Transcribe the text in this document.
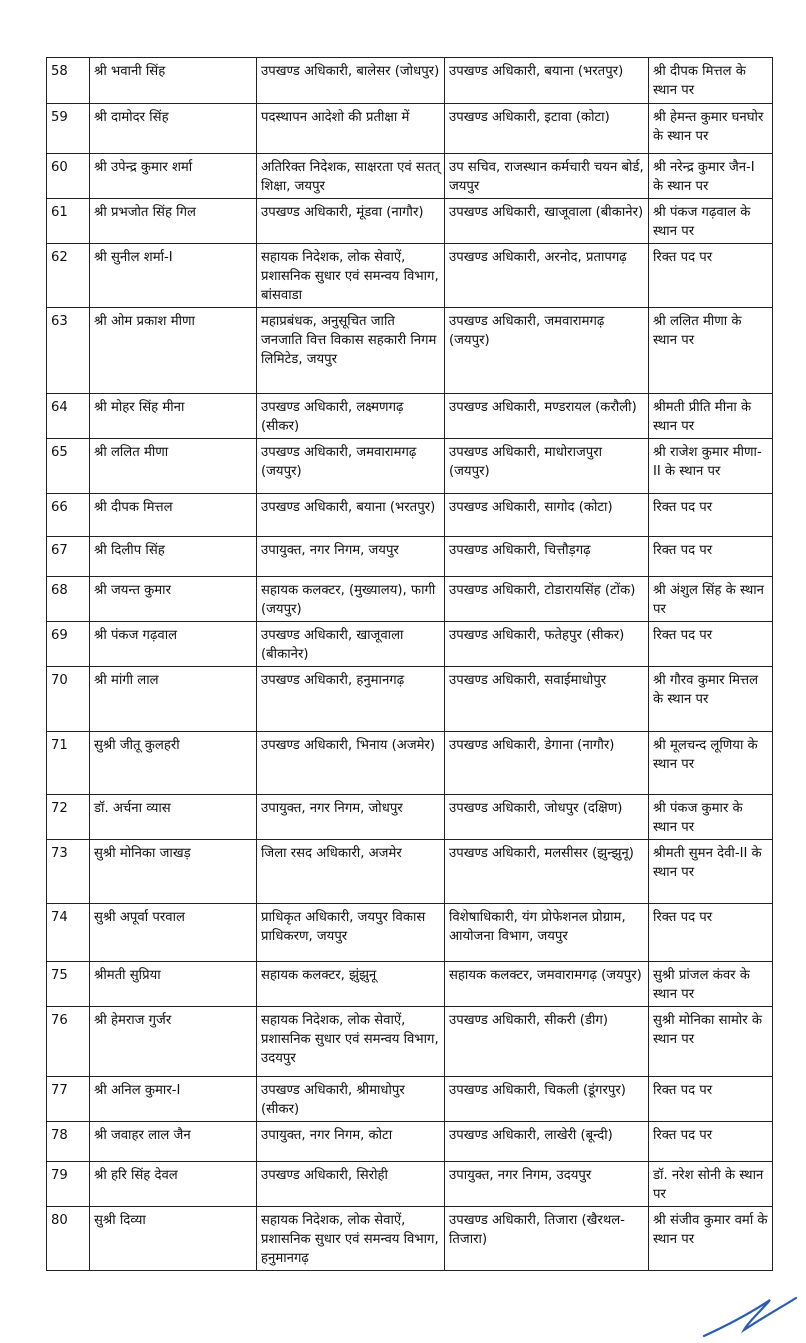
58	श्री भवानी सिंह	उपखण्ड अधिकारी, बालेसर (जोधपुर)	उपखण्ड अधिकारी, बयाना (भरतपुर)	श्री दीपक मित्तल के स्थान पर
59	श्री दामोदर सिंह	पदस्थापन आदेशो की प्रतीक्षा में	उपखण्ड अधिकारी, इटावा (कोटा)	श्री हेमन्त कुमार घनघोर के स्थान पर
60	श्री उपेन्द्र कुमार शर्मा	अतिरिक्त निदेशक, साक्षरता एवं सतत् शिक्षा, जयपुर	उप सचिव, राजस्थान कर्मचारी चयन बोर्ड, जयपुर	श्री नरेन्द्र कुमार जैन-I के स्थान पर
61	श्री प्रभजोत सिंह गिल	उपखण्ड अधिकारी, मूंडवा (नागौर)	उपखण्ड अधिकारी, खाजूवाला (बीकानेर)	श्री पंकज गढ़वाल के स्थान पर
62	श्री सुनील शर्मा-I	सहायक निदेशक, लोक सेवाऐं, प्रशासनिक सुधार एवं समन्वय विभाग, बांसवाडा	उपखण्ड अधिकारी, अरनोद, प्रतापगढ़	रिक्त पद पर
63	श्री ओम प्रकाश मीणा	महाप्रबंधक, अनुसूचित जाति जनजाति वित्त विकास सहकारी निगम लिमिटेड, जयपुर	उपखण्ड अधिकारी, जमवारामगढ़ (जयपुर)	श्री ललित मीणा के स्थान पर
64	श्री मोहर सिंह मीना	उपखण्ड अधिकारी, लक्ष्मणगढ़ (सीकर)	उपखण्ड अधिकारी, मण्डरायल (करौली)	श्रीमती प्रीति मीना के स्थान पर
65	श्री ललित मीणा	उपखण्ड अधिकारी, जमवारामगढ़ (जयपुर)	उपखण्ड अधिकारी, माधोराजपुरा (जयपुर)	श्री राजेश कुमार मीणा-II के स्थान पर
66	श्री दीपक मित्तल	उपखण्ड अधिकारी, बयाना (भरतपुर)	उपखण्ड अधिकारी, सागोद (कोटा)	रिक्त पद पर
67	श्री दिलीप सिंह	उपायुक्त, नगर निगम, जयपुर	उपखण्ड अधिकारी, चित्तौड़गढ़	रिक्त पद पर
68	श्री जयन्त कुमार	सहायक कलक्टर, (मुख्यालय), फागी (जयपुर)	उपखण्ड अधिकारी, टोडारायसिंह (टोंक)	श्री अंशुल सिंह के स्थान पर
69	श्री पंकज गढ़वाल	उपखण्ड अधिकारी, खाजूवाला (बीकानेर)	उपखण्ड अधिकारी, फतेहपुर (सीकर)	रिक्त पद पर
70	श्री मांगी लाल	उपखण्ड अधिकारी, हनुमानगढ़	उपखण्ड अधिकारी, सवाईमाधोपुर	श्री गौरव कुमार मित्तल के स्थान पर
71	सुश्री जीतू कुलहरी	उपखण्ड अधिकारी, भिनाय (अजमेर)	उपखण्ड अधिकारी, डेगाना (नागौर)	श्री मूलचन्द लूणिया के स्थान पर
72	डॉ. अर्चना व्यास	उपायुक्त, नगर निगम, जोधपुर	उपखण्ड अधिकारी, जोधपुर (दक्षिण)	श्री पंकज कुमार के स्थान पर
73	सुश्री मोनिका जाखड़	जिला रसद अधिकारी, अजमेर	उपखण्ड अधिकारी, मलसीसर (झुन्झुनू)	श्रीमती सुमन देवी-II के स्थान पर
74	सुश्री अपूर्वा परवाल	प्राधिकृत अधिकारी, जयपुर विकास प्राधिकरण, जयपुर	विशेषाधिकारी, यंग प्रोफेशनल प्रोग्राम, आयोजना विभाग, जयपुर	रिक्त पद पर
75	श्रीमती सुप्रिया	सहायक कलक्टर, झुंझुनू	सहायक कलक्टर, जमवारामगढ़ (जयपुर)	सुश्री प्रांजल कंवर के स्थान पर
76	श्री हेमराज गुर्जर	सहायक निदेशक, लोक सेवाऐं, प्रशासनिक सुधार एवं समन्वय विभाग, उदयपुर	उपखण्ड अधिकारी, सीकरी (डीग)	सुश्री मोनिका सामोर के स्थान पर
77	श्री अनिल कुमार-I	उपखण्ड अधिकारी, श्रीमाधोपुर (सीकर)	उपखण्ड अधिकारी, चिकली (डूंगरपुर)	रिक्त पद पर
78	श्री जवाहर लाल जैन	उपायुक्त, नगर निगम, कोटा	उपखण्ड अधिकारी, लाखेरी (बून्दी)	रिक्त पद पर
79	श्री हरि सिंह देवल	उपखण्ड अधिकारी, सिरोही	उपायुक्त, नगर निगम, उदयपुर	डॉ. नरेश सोनी के स्थान पर
80	सुश्री दिव्या	सहायक निदेशक, लोक सेवाऐं, प्रशासनिक सुधार एवं समन्वय विभाग, हनुमानगढ़	उपखण्ड अधिकारी, तिजारा (खैरथल-तिजारा)	श्री संजीव कुमार वर्मा के स्थान पर
